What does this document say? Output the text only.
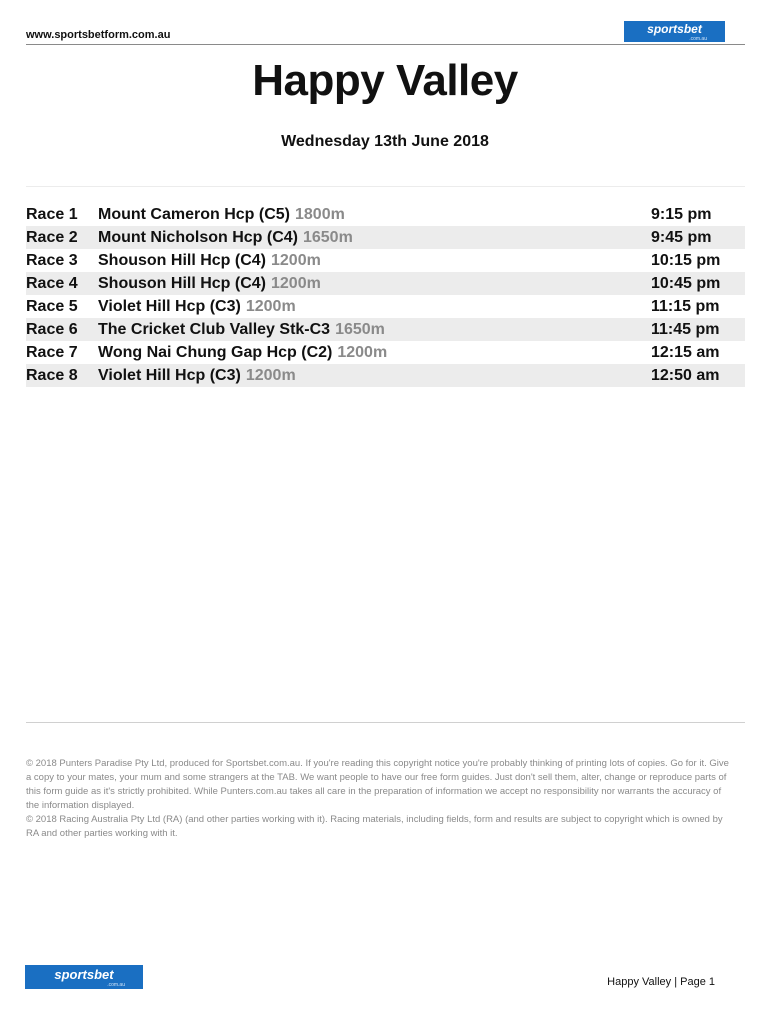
www.sportsbetform.com.au	sportsbet
.com.au
Happy Valley
Wednesday 13th June 2018
Race 1 Mount Cameron Hcp (C5) 1800m	9:15 pm
Race 2 Mount Nicholson Hcp (C4) 1650m	9:45 pm
Race 3 Shouson Hill Hcp (C4) 1200m	10:15 pm
Race 4 Shouson Hill Hcp (C4) 1200m	10:45 pm
Race 5 Violet Hill Hcp (C3) 1200m	11:15 pm
Race 6 The Cricket Club Valley Stk-C3 1650m	11:45 pm
Race 7 Wong Nai Chung Gap Hcp (C2) 1200m	12:15 am
Race 8 Violet Hill Hcp (C3) 1200m	12:50 am

© 2018 Punters Paradise Pty Ltd, produced for Sportsbet.com.au. If you're reading this copyright notice you're probably thinking of printing lots of copies. Go for it. Give a copy to your mates, your mum and some strangers at the TAB. We want people to have our free form guides. Just don't sell them, alter, change or reproduce parts of this form guide as it's strictly prohibited. While Punters.com.au takes all care in the preparation of information we accept no responsibility nor warrants the accuracy of the information displayed.

© 2018 Racing Australia Pty Ltd (RA) (and other parties working with it). Racing materials, including fields, form and results are subject to copyright which is owned by RA and other parties working with it.

sportsbet
.com.au	Happy Valley | Page 1
